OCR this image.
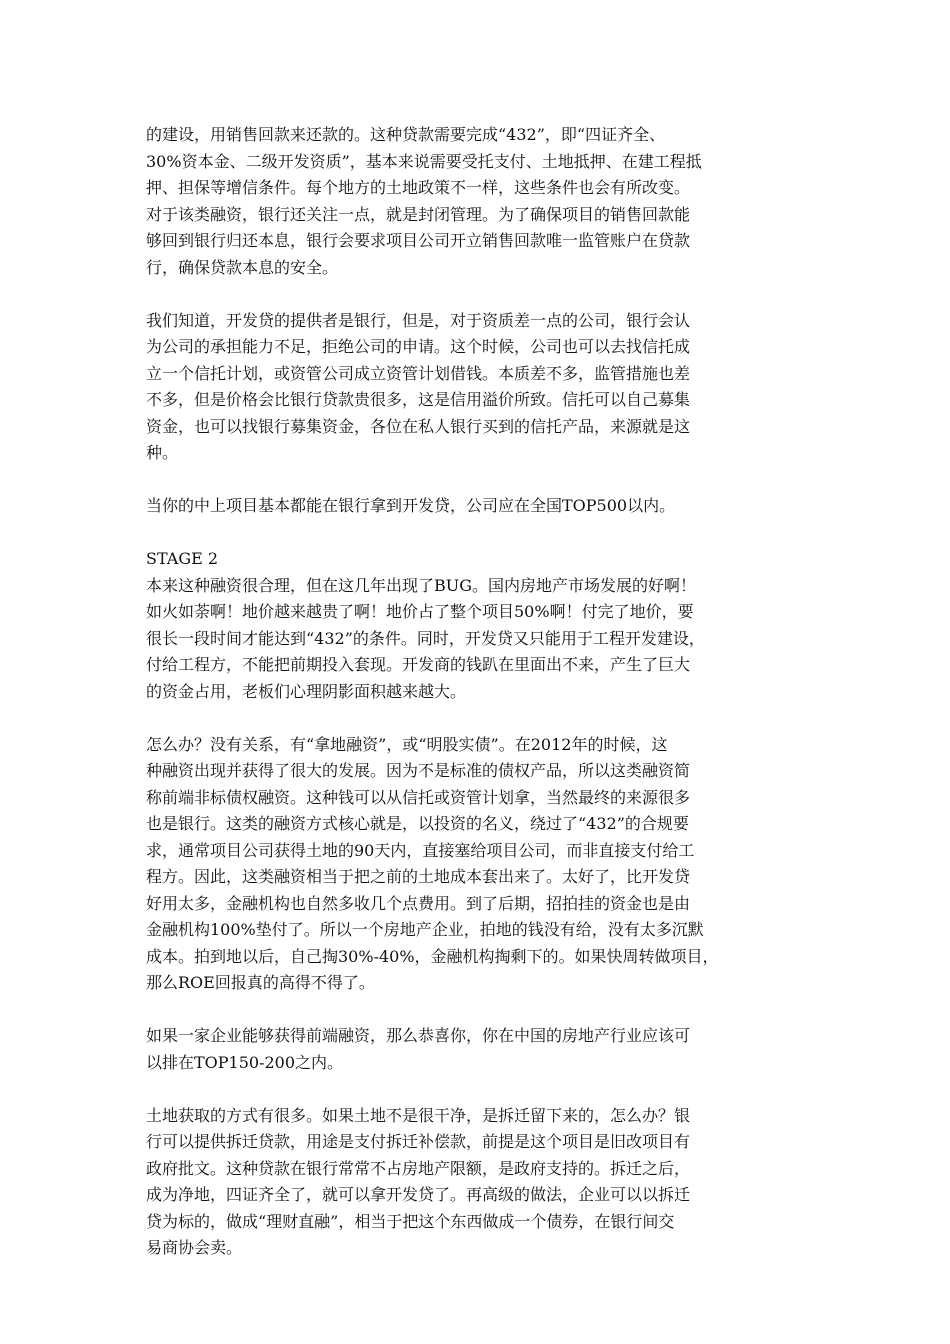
的建设，用销售回款来还款的。这种贷款需要完成“432”，即“四证齐全、
30%资本金、二级开发资质”，基本来说需要受托支付、土地抵押、在建工程抵
押、担保等增信条件。每个地方的土地政策不一样，这些条件也会有所改变。
对于该类融资，银行还关注一点，就是封闭管理。为了确保项目的销售回款能
够回到银行归还本息，银行会要求项目公司开立销售回款唯一监管账户在贷款
行，确保贷款本息的安全。
我们知道，开发贷的提供者是银行，但是，对于资质差一点的公司，银行会认
为公司的承担能力不足，拒绝公司的申请。这个时候，公司也可以去找信托成
立一个信托计划，或资管公司成立资管计划借钱。本质差不多，监管措施也差
不多，但是价格会比银行贷款贵很多，这是信用溢价所致。信托可以自己募集
资金，也可以找银行募集资金，各位在私人银行买到的信托产品，来源就是这
种。
当你的中上项目基本都能在银行拿到开发贷，公司应在全国TOP500以内。
STAGE 2
本来这种融资很合理，但在这几年出现了BUG。国内房地产市场发展的好啊！
如火如荼啊！地价越来越贵了啊！地价占了整个项目50%啊！付完了地价，要
很长一段时间才能达到“432”的条件。同时，开发贷又只能用于工程开发建设，
付给工程方，不能把前期投入套现。开发商的钱趴在里面出不来，产生了巨大
的资金占用，老板们心理阴影面积越来越大。
怎么办？没有关系，有“拿地融资”，或“明股实债”。在2012年的时候，这
种融资出现并获得了很大的发展。因为不是标准的债权产品，所以这类融资简
称前端非标债权融资。这种钱可以从信托或资管计划拿，当然最终的来源很多
也是银行。这类的融资方式核心就是，以投资的名义，绕过了“432”的合规要
求，通常项目公司获得土地的90天内，直接塞给项目公司，而非直接支付给工
程方。因此，这类融资相当于把之前的土地成本套出来了。太好了，比开发贷
好用太多，金融机构也自然多收几个点费用。到了后期，招拍挂的资金也是由
金融机构100%垫付了。所以一个房地产企业，拍地的钱没有给，没有太多沉默
成本。拍到地以后，自己掏30%-40%，金融机构掏剩下的。如果快周转做项目，
那么ROE回报真的高得不得了。
如果一家企业能够获得前端融资，那么恭喜你，你在中国的房地产行业应该可
以排在TOP150-200之内。
土地获取的方式有很多。如果土地不是很干净，是拆迁留下来的，怎么办？银
行可以提供拆迁贷款，用途是支付拆迁补偿款，前提是这个项目是旧改项目有
政府批文。这种贷款在银行常常不占房地产限额，是政府支持的。拆迁之后，
成为净地，四证齐全了，就可以拿开发贷了。再高级的做法，企业可以以拆迁
贷为标的，做成“理财直融”，相当于把这个东西做成一个债券，在银行间交
易商协会卖。
